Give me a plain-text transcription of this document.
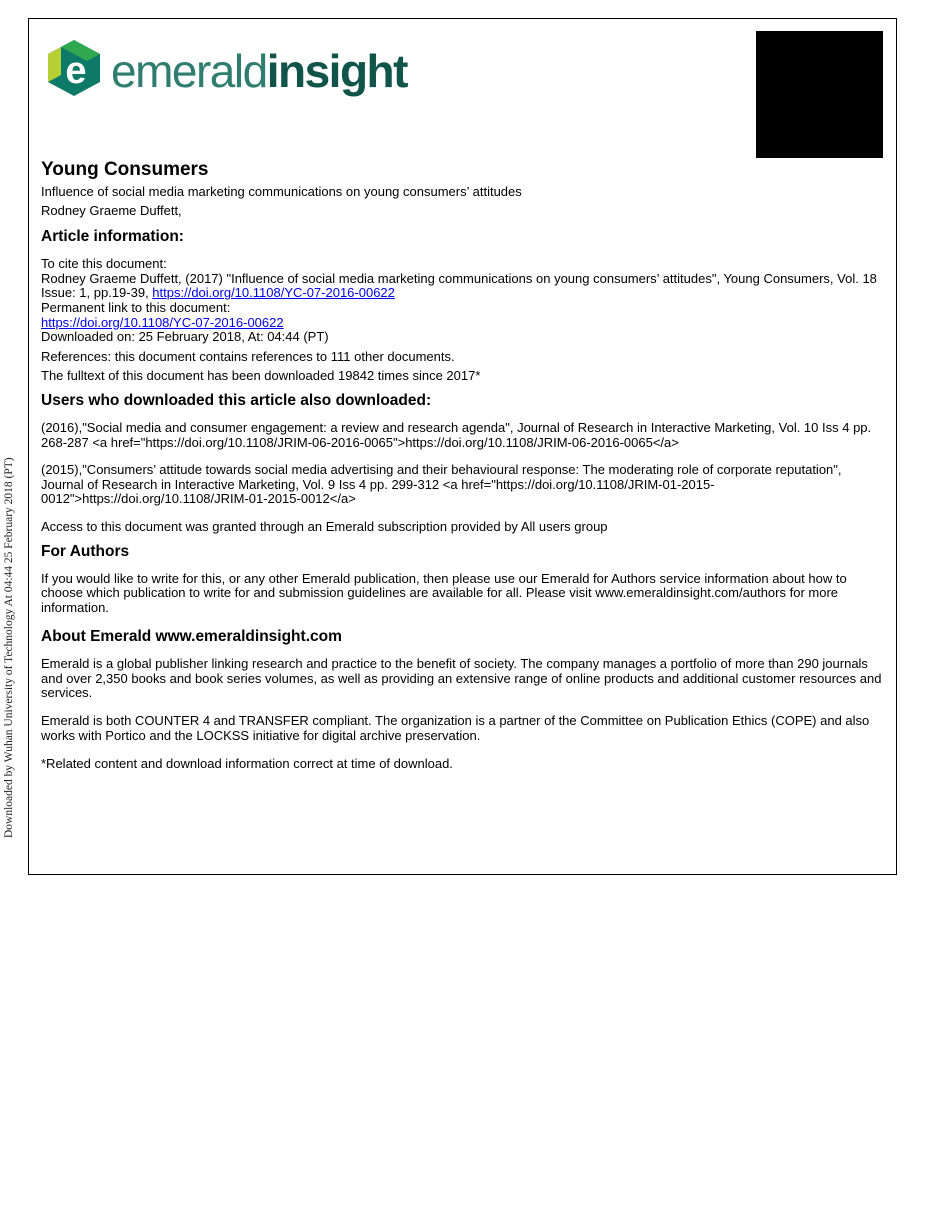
Downloaded by Wuhan University of Technology At 04:44 25 February 2018 (PT)
e emeraldinsight
Young Consumers

Influence of social media marketing communications on young consumers’ attitudes

Rodney Graeme Duffett,

Article information:

To cite this document:

Rodney Graeme Duffett, (2017) "Influence of social media marketing communications on young consumers’ attitudes", Young Consumers, Vol. 18 Issue: 1, pp.19-39, https://doi.org/10.1108/YC-07-2016-00622

Permanent link to this document:

https://doi.org/10.1108/YC-07-2016-00622

Downloaded on: 25 February 2018, At: 04:44 (PT)

References: this document contains references to 111 other documents.

The fulltext of this document has been downloaded 19842 times since 2017*

Users who downloaded this article also downloaded:

(2016),"Social media and consumer engagement: a review and research agenda", Journal of Research in Interactive Marketing, Vol. 10 Iss 4 pp. 268-287 <a href="https://doi.org/10.1108/JRIM-06-2016-0065">https://doi.org/10.1108/JRIM-06-2016-0065</a>

(2015),"Consumers’ attitude towards social media advertising and their behavioural response: The moderating role of corporate reputation", Journal of Research in Interactive Marketing, Vol. 9 Iss 4 pp. 299-312 <a href="https://doi.org/10.1108/JRIM-01-2015-0012">https://doi.org/10.1108/JRIM-01-2015-0012</a>

Access to this document was granted through an Emerald subscription provided by All users group

For Authors

If you would like to write for this, or any other Emerald publication, then please use our Emerald for Authors service information about how to choose which publication to write for and submission guidelines are available for all. Please visit www.emeraldinsight.com/authors for more information.

About Emerald www.emeraldinsight.com

Emerald is a global publisher linking research and practice to the benefit of society. The company manages a portfolio of more than 290 journals and over 2,350 books and book series volumes, as well as providing an extensive range of online products and additional customer resources and services.

Emerald is both COUNTER 4 and TRANSFER compliant. The organization is a partner of the Committee on Publication Ethics (COPE) and also works with Portico and the LOCKSS initiative for digital archive preservation.

*Related content and download information correct at time of download.
